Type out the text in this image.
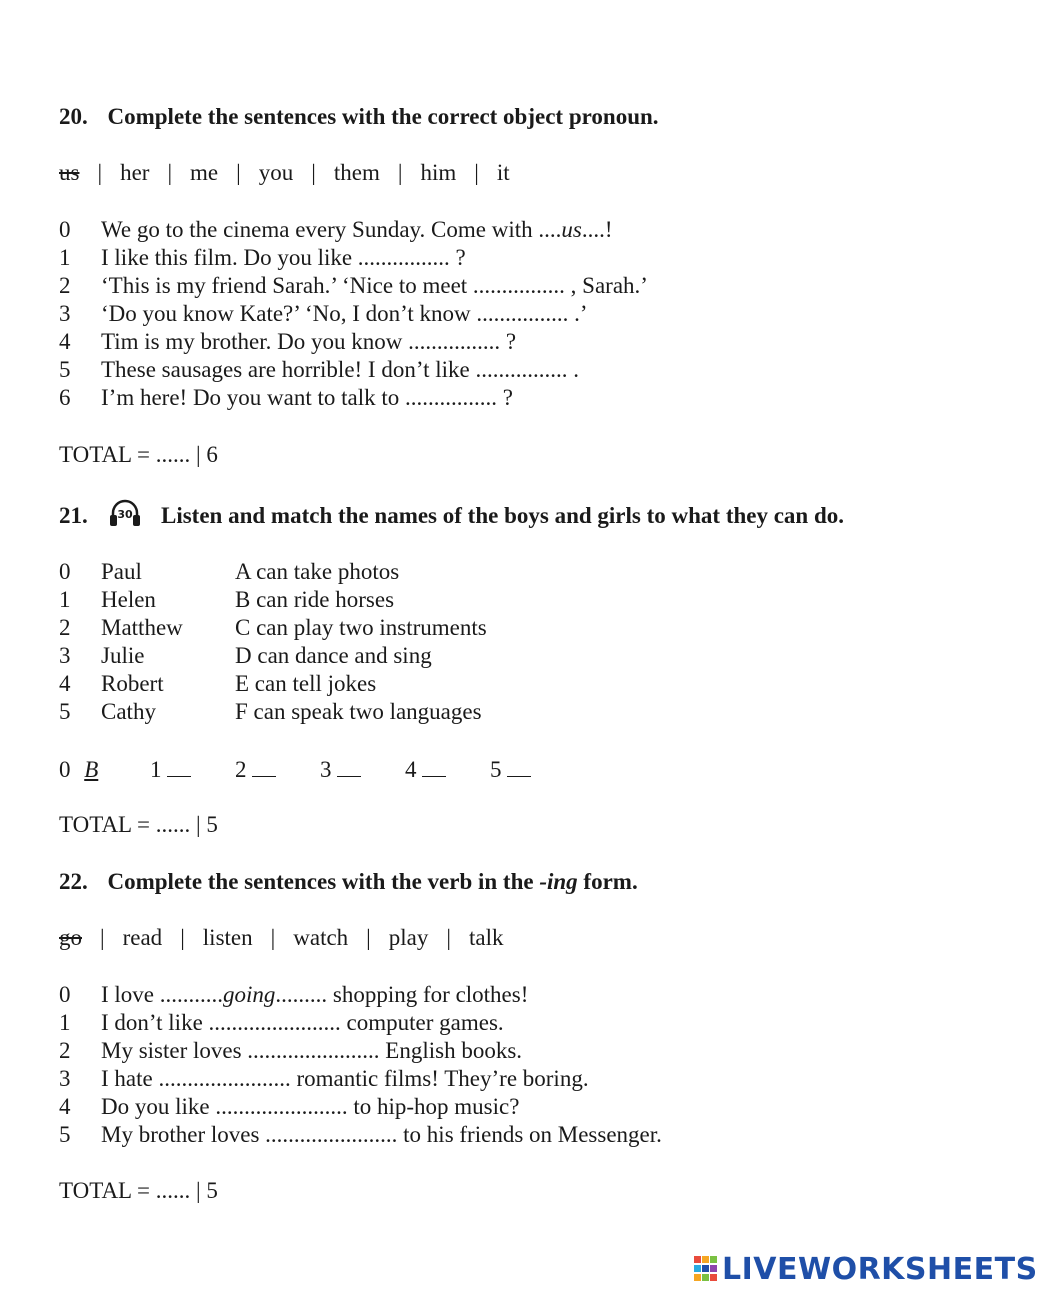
20. Complete the sentences with the correct object pronoun.
us | her | me | you | them | him | it
0 We go to the cinema every Sunday. Come with ....us....!
1 I like this film. Do you like ................ ?
2 ‘This is my friend Sarah.’ ‘Nice to meet ................ , Sarah.’
3 ‘Do you know Kate?’ ‘No, I don’t know ................ .’
4 Tim is my brother. Do you know ................ ?
5 These sausages are horrible! I don’t like ................ .
6 I’m here! Do you want to talk to ................ ?
TOTAL = ...... | 6
21.	30 Listen and match the names of the boys and girls to what they can do.
0 Paul	A can take photos
1 Helen	B can ride horses
2 Matthew C can play two instruments
3 Julie	D can dance and sing
4 Robert	E can tell jokes
5 Cathy	F can speak two languages
0 B 1	2	3	4	5
TOTAL = ...... | 5
22. Complete the sentences with the verb in the -ing form.
go | read | listen | watch | play | talk
0 I love ...........going......... shopping for clothes!
1 I don’t like ....................... computer games.
2 My sister loves ....................... English books.
3 I hate ....................... romantic films! They’re boring.
4 Do you like ....................... to hip-hop music?
5 My brother loves ....................... to his friends on Messenger.
TOTAL = ...... | 5
LIVEWORKSHEETS
